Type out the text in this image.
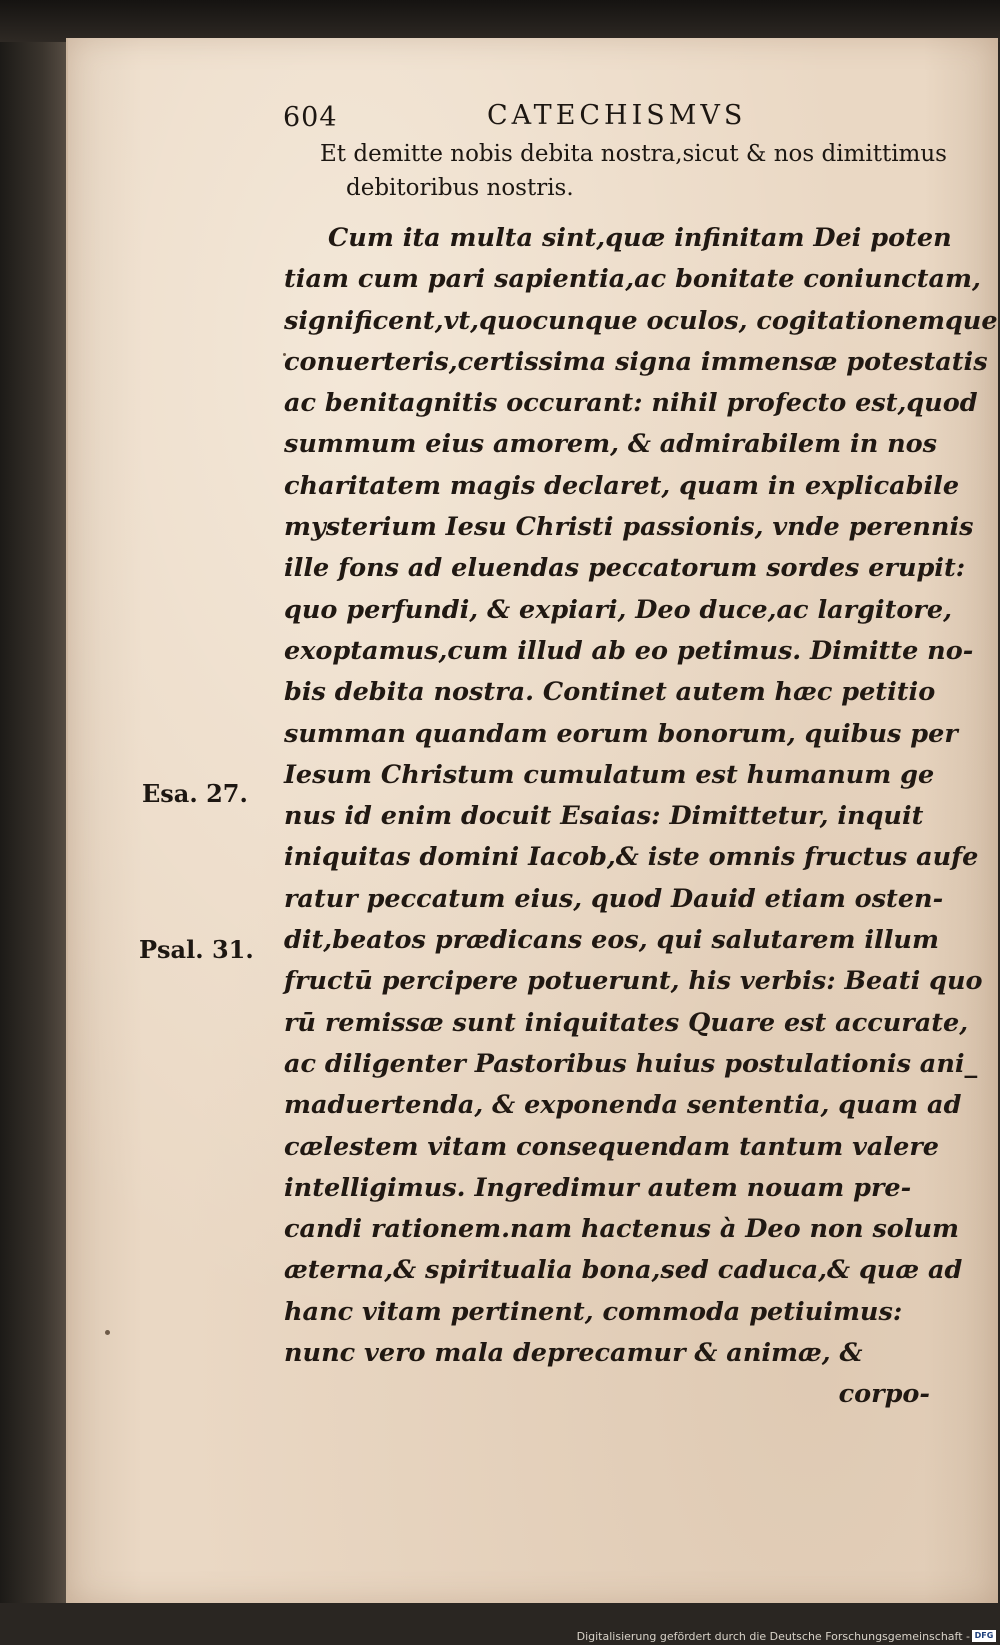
604	CATECHISMVS
Et demitte nobis debita nostra,sicut & nos dimittimus
debitoribus nostris.
Cum ita multa sint,quæ infinitam Dei poten
tiam cum pari sapientia,ac bonitate coniunctam,
significent,vt,quocunque oculos, cogitationemque
conuerteris,certissima signa immensæ potestatis
ac benitagnitis occurant: nihil profecto est,quod
summum eius amorem, & admirabilem in nos
charitatem magis declaret, quam in explicabile
mysterium Iesu Christi passionis, vnde perennis
ille fons ad eluendas peccatorum sordes erupit:
quo perfundi, & expiari, Deo duce,ac largitore,
exoptamus,cum illud ab eo petimus. Dimitte no-
bis debita nostra. Continet autem hæc petitio
summan quandam eorum bonorum, quibus per
Iesum Christum cumulatum est humanum ge
nus id enim docuit Esaias: Dimittetur, inquit
iniquitas domini Iacob,& iste omnis fructus aufe
ratur peccatum eius, quod Dauid etiam osten-
dit,beatos prædicans eos, qui salutarem illum
fructū percipere potuerunt, his verbis: Beati quo
rū remissæ sunt iniquitates Quare est accurate,
ac diligenter Pastoribus huius postulationis ani_
maduertenda, & exponenda sententia, quam ad
cælestem vitam consequendam tantum valere
intelligimus. Ingredimur autem nouam pre-
candi rationem.nam hactenus à Deo non solum
æterna,& spiritualia bona,sed caduca,& quæ ad
hanc vitam pertinent, commoda petiuimus:
nunc vero mala deprecamur & animæ, &
corpo-
Esa. 27.
Psal. 31.
Digitalisierung gefördert durch die Deutsche Forschungsgemeinschaft - DFG
